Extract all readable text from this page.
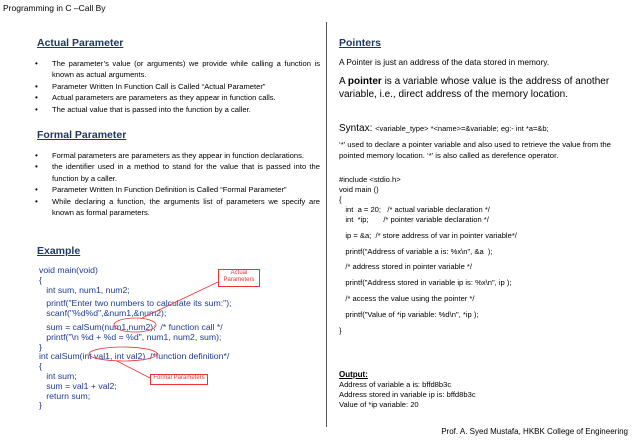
Programming in C –Call By
Actual Parameter
• The parameter’s value (or arguments) we provide while calling a function is known as actual arguments.
• Parameter Written In Function Call is Called “Actual Parameter”
• Actual parameters are parameters as they appear in function calls.
• The actual value that is passed into the function by a caller.
Formal Parameter
• Formal parameters are parameters as they appear in function declarations.
• the identifier used in a method to stand for the value that is passed into the function by a caller.
• Parameter Written In Function Definition is Called “Formal Parameter”
• While declaring a function, the arguments list of parameters we specify are known as formal parameters.
Example
void main(void)
{
int sum, num1, num2;
printf("Enter two numbers to calculate its sum:");
scanf("%d%d",&num1,&num2);
sum = calSum(num1,num2);  /* function call */
printf("\n %d + %d = %d", num1, num2, sum);
}
int calSum(int val1, int val2)  /*function definition*/
{
int sum;
sum = val1 + val2;
return sum;
}
Actual
Parameters
Formal Parameters
Pointers
A Pointer is just an address of the data stored in memory.
A pointer is a variable whose value is the address of another variable, i.e., direct address of the memory location.
Syntax: <variable_type> *<name>=&variable; eg:- int *a=&b;
‘*’ used to declare a pointer variable and also used to retrieve the value from the pointed memory location. ‘*’ is also called as derefence operator.
#include <stdio.h>
void main ()
{
int  a = 20;   /* actual variable declaration */
int  *ip;       /* pointer variable declaration */
ip = &a;  /* store address of var in pointer variable*/
printf("Address of variable a is: %x\n", &a  );
/* address stored in pointer variable */
printf("Address stored in variable ip is: %x\n", ip );
/* access the value using the pointer */
printf("Value of *ip variable: %d\n", *ip );
}
Output:
Address of variable a is: bffd8b3c
Address stored in variable ip is: bffd8b3c
Value of *ip variable: 20
Prof. A. Syed Mustafa, HKBK College of Engineering
